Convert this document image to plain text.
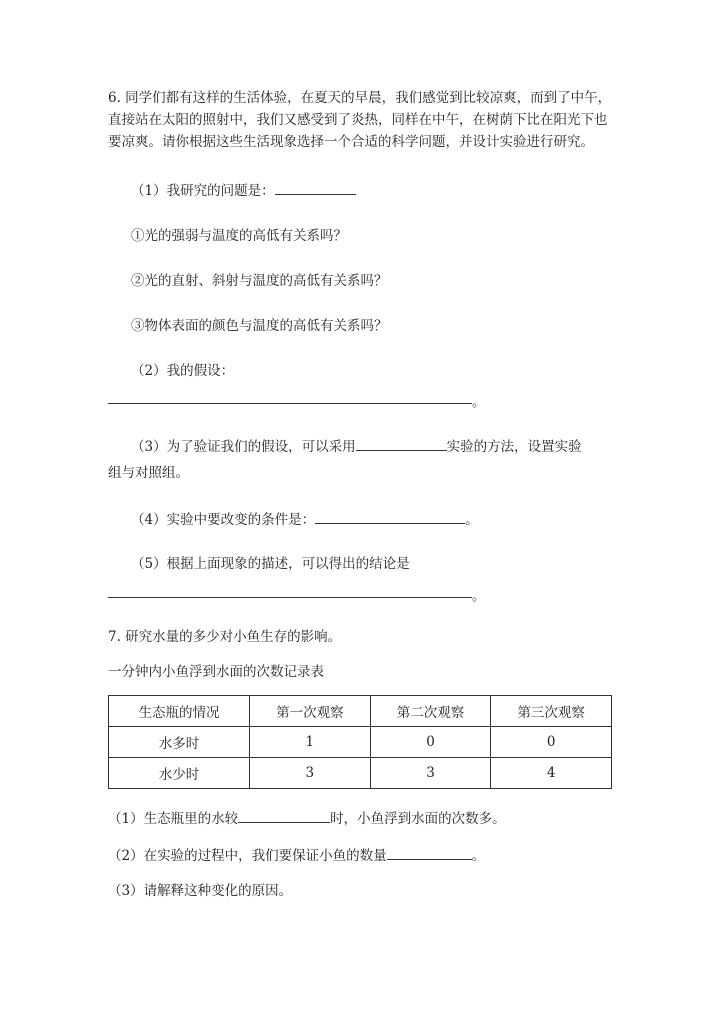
6. 同学们都有这样的生活体验，在夏天的早晨，我们感觉到比较凉爽，而到了中午，直接站在太阳的照射中，我们又感受到了炎热，同样在中午，在树荫下比在阳光下也要凉爽。请你根据这些生活现象选择一个合适的科学问题，并设计实验进行研究。

（1）我研究的问题是：

①光的强弱与温度的高低有关系吗？

②光的直射、斜射与温度的高低有关系吗？

③物体表面的颜色与温度的高低有关系吗？

（2）我的假设：

。

（3）为了验证我们的假设，可以采用	实验的方法，设置实验

组与对照组。

（4）实验中要改变的条件是：	。

（5）根据上面现象的描述，可以得出的结论是

。

7. 研究水量的多少对小鱼生存的影响。

一分钟内小鱼浮到水面的次数记录表

生态瓶的情况	第一次观察	第二次观察	第三次观察
水多时	1	0	0
水少时	3	3	4

（1）生态瓶里的水较	时，小鱼浮到水面的次数多。

（2）在实验的过程中，我们要保证小鱼的数量	。

（3）请解释这种变化的原因。
